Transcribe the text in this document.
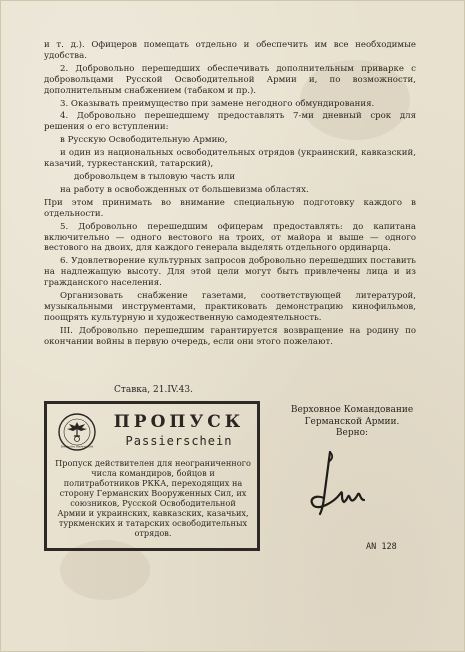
и т. д.). Офицеров помещать отдельно и обеспечить им все необходимые удобства.

2. Добровольно перешедших обеспечивать дополнительным приварке с добровольцами Русской Освободительной Армии и, по возможности, дополнительным снабжением (табаком и пр.).

3. Оказывать преимущество при замене негодного обмундирования.

4. Добровольно перешедшему предоставлять 7-ми дневный срок для решения о его вступлении:

в Русскую Освободительную Армию,

и один из национальных освободительных отрядов (украинский, кавказский, казачий, туркестанский, татарский),

добровольцем в тыловую часть или

на работу в освобожденных от большевизма областях.

При этом принимать во внимание специальную подготовку каждого в отдельности.

5. Добровольно перешедшим офицерам предоставлять: до капитана включительно — одного вестового на троих, от майора и выше — одного вестового на двоих, для каждого генерала выделять отдельного ординарца.

6. Удовлетворение культурных запросов добровольно перешедших поставить на надлежащую высоту. Для этой цели могут быть привлечены лица и из гражданского населения.

Организовать снабжение газетами, соответствующей литературой, музыкальными инструментами, практиковать демонстрацию кинофильмов, поощрять культурную и художественную самодеятельность.

III. Добровольно перешедшим гарантируется возвращение на родину по окончании войны в первую очередь, если они этого пожелают.

Ставка, 21.IV.43.
Deutsche Wehrmacht
ПРОПУСК
Passierschein
Пропуск действителен для неограниченного числа командиров, бойцов и политработников РККА, переходящих на сторону Германских Вооруженных Сил, их союзников, Русской Освободительной Армии и украинских, кавказских, казачьих, туркменских и татарских освободительных отрядов.
Верховное Командование
Германской Армии.
Верно:
AN 128
